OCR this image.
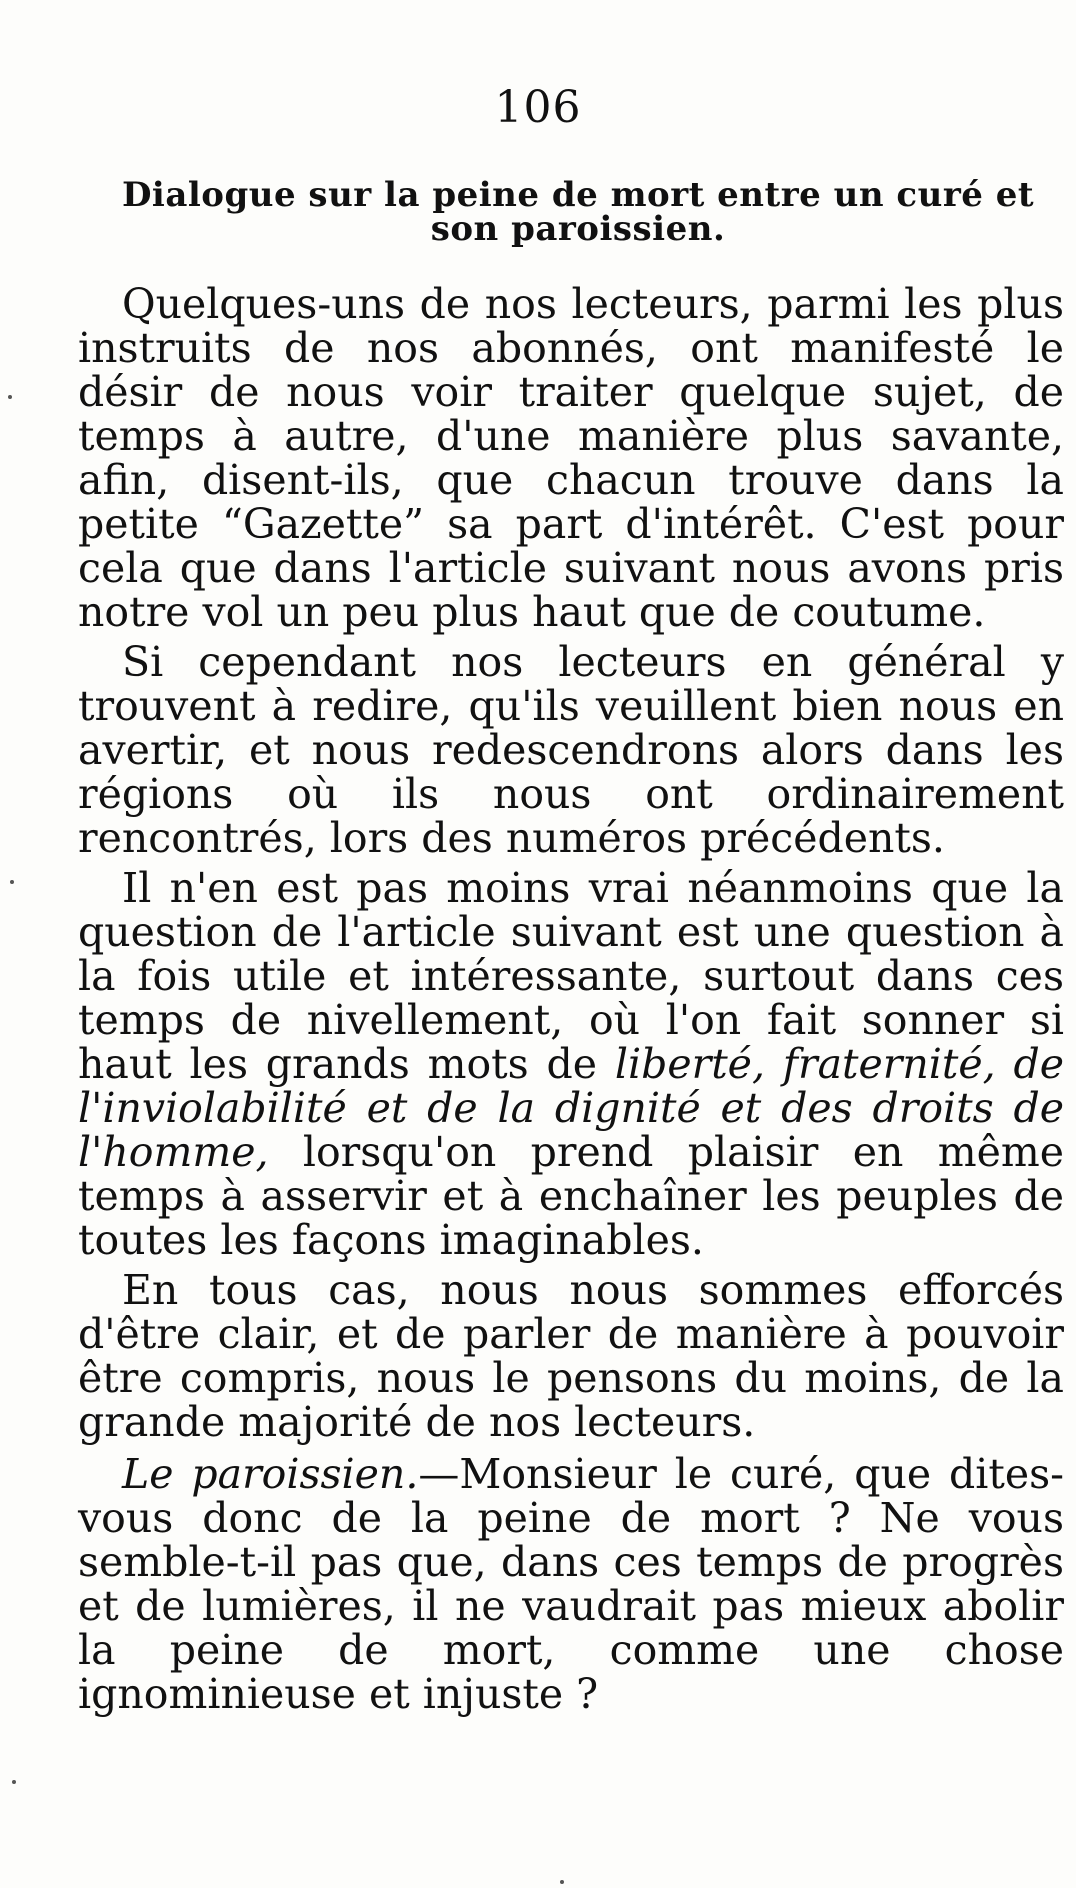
106
Dialogue sur la peine de mort entre un curé et son paroissien.

Quelques-uns de nos lecteurs, parmi les plus instruits de nos abonnés, ont manifesté le désir de nous voir traiter quelque sujet, de temps à autre, d'une manière plus savante, afin, disent-ils, que chacun trouve dans la petite “Gazette” sa part d'intérêt. C'est pour cela que dans l'article suivant nous avons pris notre vol un peu plus haut que de coutume.

Si cependant nos lecteurs en général y trouvent à redire, qu'ils veuillent bien nous en avertir, et nous redescendrons alors dans les régions où ils nous ont ordinairement rencontrés, lors des numéros précédents.

Il n'en est pas moins vrai néanmoins que la question de l'article suivant est une question à la fois utile et intéressante, surtout dans ces temps de nivellement, où l'on fait sonner si haut les grands mots de liberté, fraternité, de l'inviolabilité et de la dignité et des droits de l'homme, lorsqu'on prend plaisir en même temps à asservir et à enchaîner les peuples de toutes les façons imaginables.

En tous cas, nous nous sommes efforcés d'être clair, et de parler de manière à pouvoir être compris, nous le pensons du moins, de la grande majorité de nos lecteurs.

Le paroissien.—Monsieur le curé, que dites-vous donc de la peine de mort ? Ne vous semble-t-il pas que, dans ces temps de progrès et de lumières, il ne vaudrait pas mieux abolir la peine de mort, comme une chose ignominieuse et injuste ?
